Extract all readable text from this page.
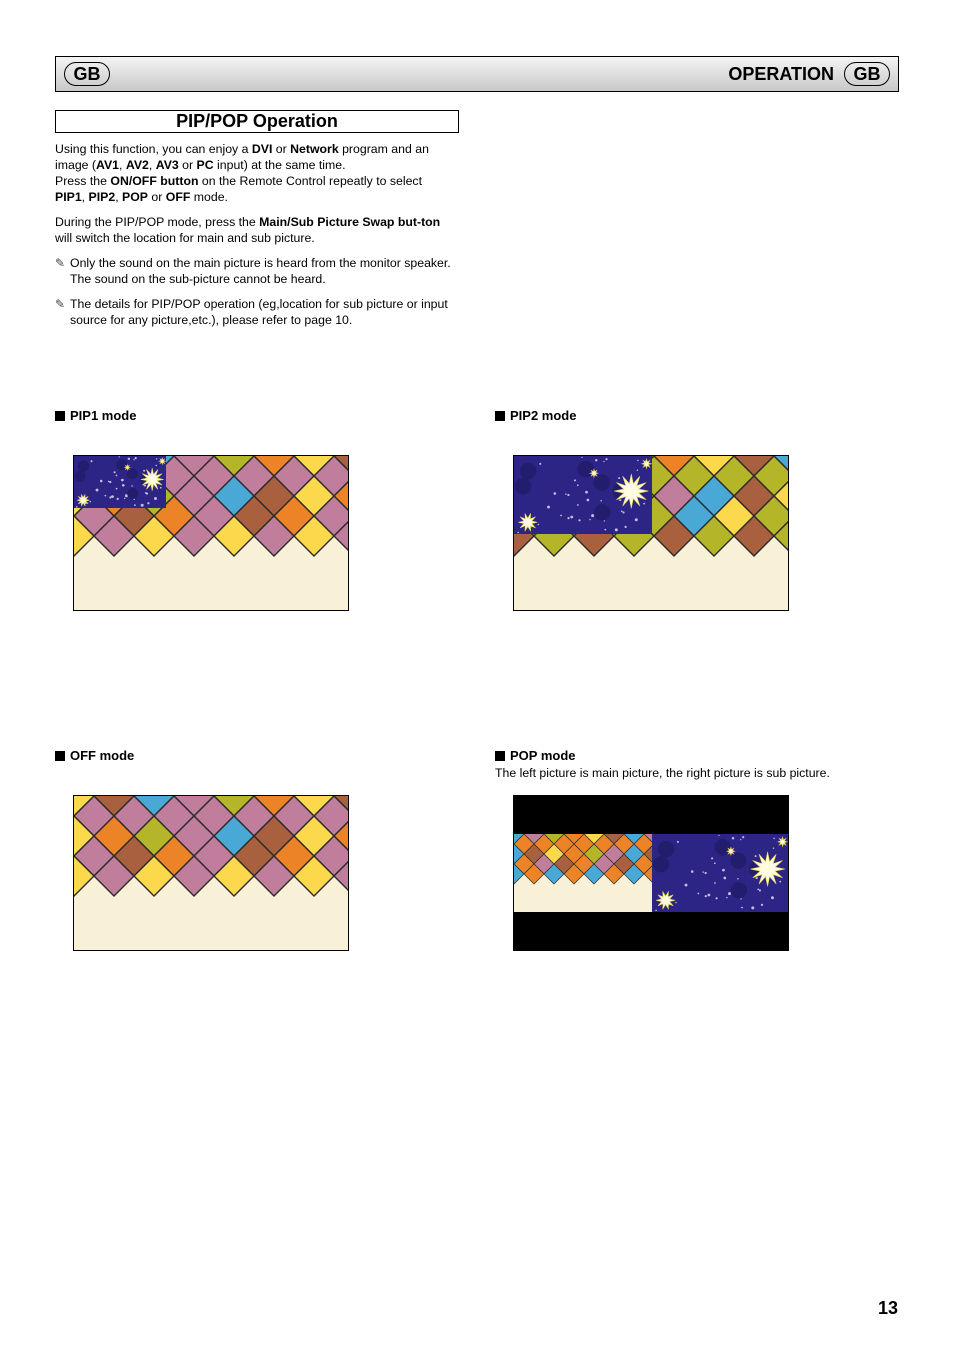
GB	OPERATION	GB
PIP/POP Operation
Using this function, you can enjoy a DVI or Network program and an image (AV1, AV2, AV3 or PC input) at the same time.
Press the ON/OFF button on the Remote Control repeatly to select PIP1, PIP2, POP or OFF mode.
During the PIP/POP mode, press the Main/Sub Picture Swap but-ton will switch the location for main and sub picture.
✎ Only the sound on the main picture is heard from the monitor speaker. The sound on the sub-picture cannot be heard.
✎ The details for PIP/POP operation (eg,location for sub picture or input source for any picture,etc.), please refer to page 10.
PIP1 mode	PIP2 mode
OFF mode	POP mode
The left picture is main picture, the right picture is sub picture.
13
